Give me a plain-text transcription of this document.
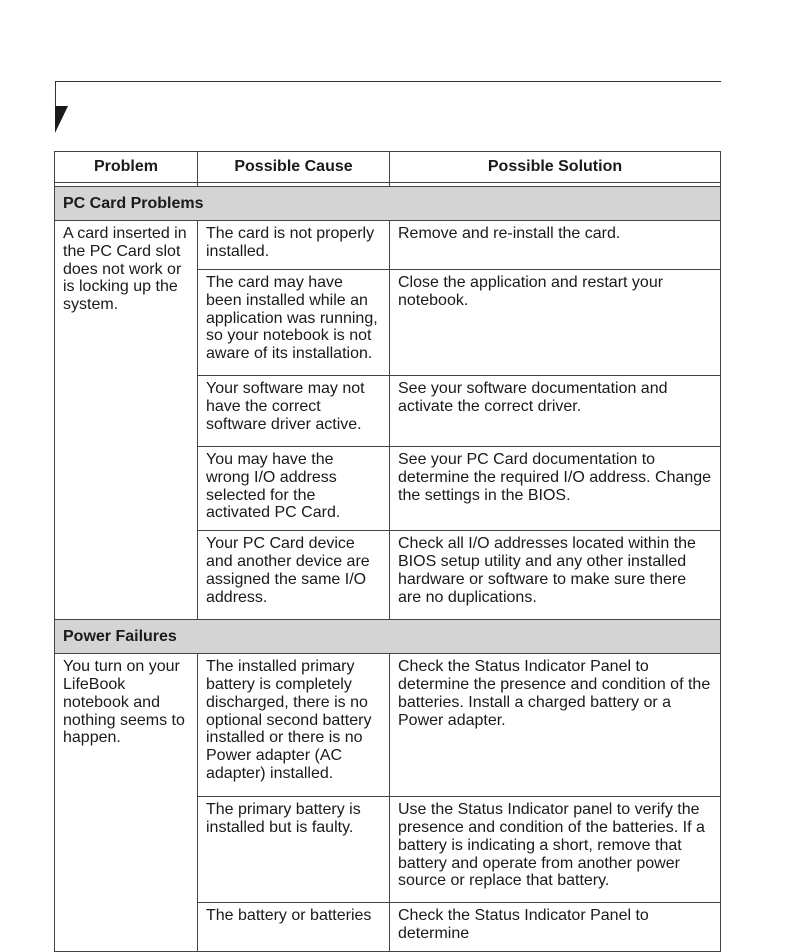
Problem	Possible Cause	Possible Solution

PC Card Problems		
A card inserted in the PC Card slot does not work or is locking up the system.	The card is not properly installed.	Remove and re-install the card.
	The card may have been installed while an application was running, so your notebook is not aware of its installation.	Close the application and restart your notebook.
	Your software may not have the correct software driver active.	See your software documentation and activate the correct driver.
	You may have the wrong I/O address selected for the activated PC Card.	See your PC Card documentation to determine the required I/O address. Change the settings in the BIOS.
	Your PC Card device and another device are assigned the same I/O address.	Check all I/O addresses located within the BIOS setup utility and any other installed hardware or software to make sure there are no duplications.
Power Failures		
You turn on your LifeBook notebook and nothing seems to happen.	The installed primary battery is completely discharged, there is no optional second battery installed or there is no Power adapter (AC adapter) installed.	Check the Status Indicator Panel to determine the presence and condition of the batteries. Install a charged battery or a Power adapter.
	The primary battery is installed but is faulty.	Use the Status Indicator panel to verify the presence and condition of the batteries. If a battery is indicating a short, remove that battery and operate from another power source or replace that battery.
	The battery or batteries	Check the Status Indicator Panel to determine
